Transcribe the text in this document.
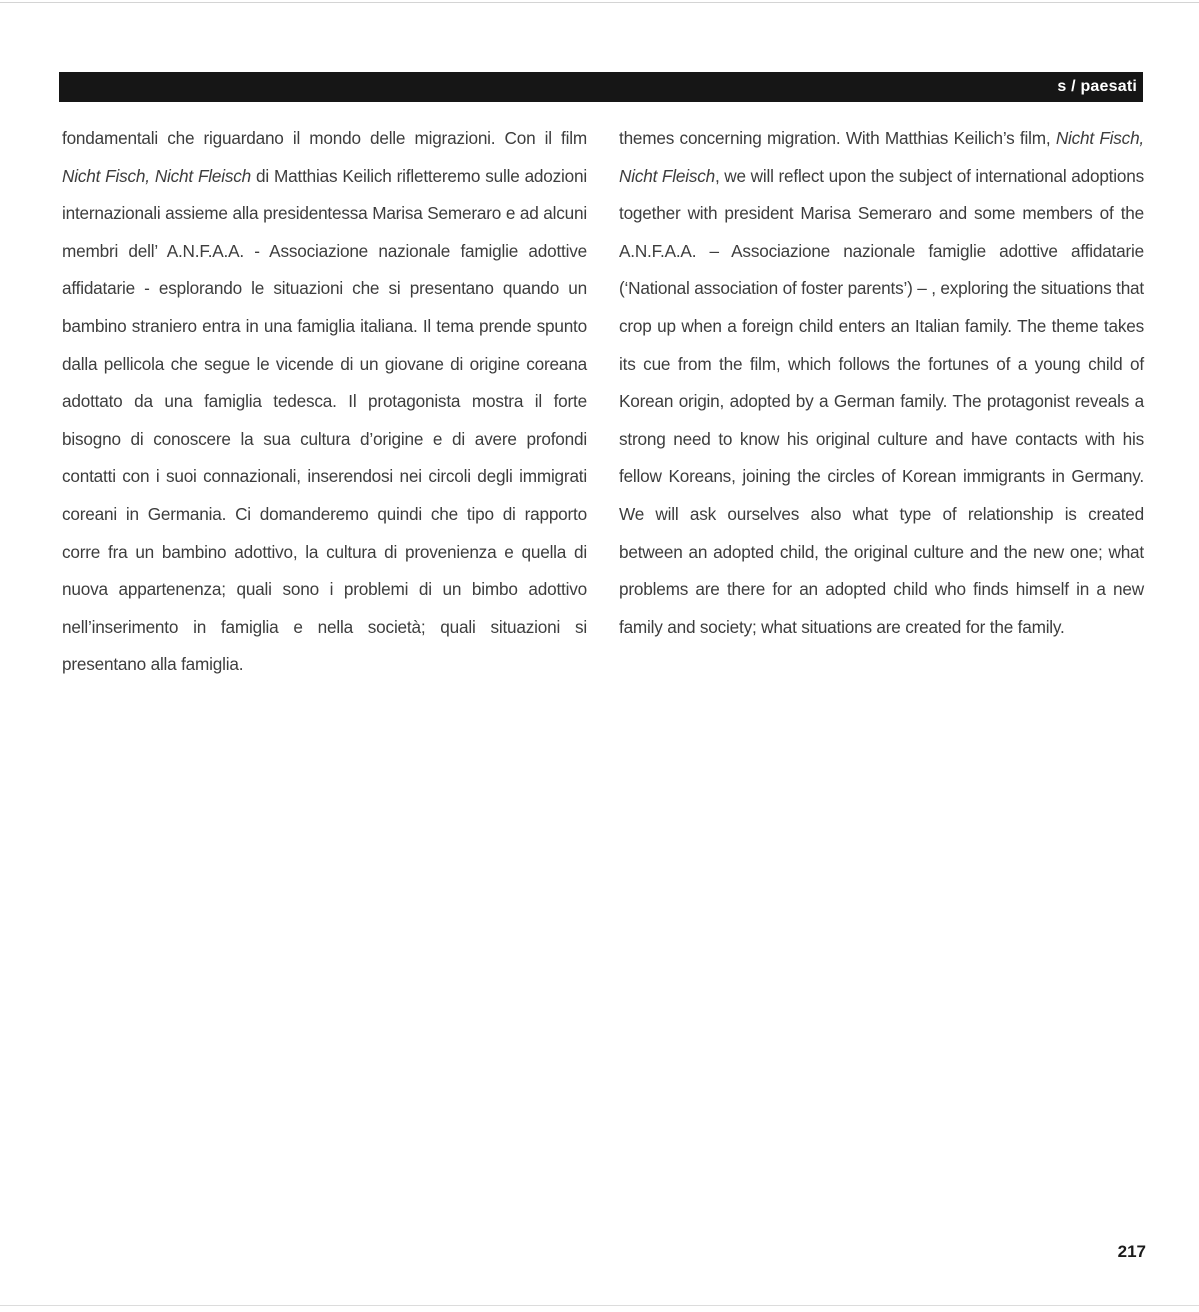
s / paesati

fondamentali che riguardano il mondo delle migrazioni. Con il film Nicht Fisch, Nicht Fleisch di Matthias Keilich rifletteremo sulle adozioni internazionali assieme alla presidentessa Marisa Semeraro e ad alcuni membri dell’ A.N.F.A.A. - Associazione nazionale famiglie adottive affidatarie - esplorando le situazioni che si presentano quando un bambino straniero entra in una famiglia italiana. Il tema prende spunto dalla pellicola che segue le vicende di un giovane di origine coreana adottato da una famiglia tedesca. Il protagonista mostra il forte bisogno di conoscere la sua cultura d’origine e di avere profondi contatti con i suoi connazionali, inserendosi nei circoli degli immigrati coreani in Germania. Ci domanderemo quindi che tipo di rapporto corre fra un bambino adottivo, la cultura di provenienza e quella di nuova appartenenza; quali sono i problemi di un bimbo adottivo nell’inserimento in famiglia e nella società; quali situazioni si presentano alla famiglia.

themes concerning migration. With Matthias Keilich’s film, Nicht Fisch, Nicht Fleisch, we will reflect upon the subject of international adoptions together with president Marisa Semeraro and some members of the A.N.F.A.A. – Associazione nazionale famiglie adottive affidatarie (‘National association of foster parents’) – , exploring the situations that crop up when a foreign child enters an Italian family. The theme takes its cue from the film, which follows the fortunes of a young child of Korean origin, adopted by a German family. The protagonist reveals a strong need to know his original culture and have contacts with his fellow Koreans, joining the circles of Korean immigrants in Germany. We will ask ourselves also what type of relationship is created between an adopted child, the original culture and the new one; what problems are there for an adopted child who finds himself in a new family and society; what situations are created for the family.

217
